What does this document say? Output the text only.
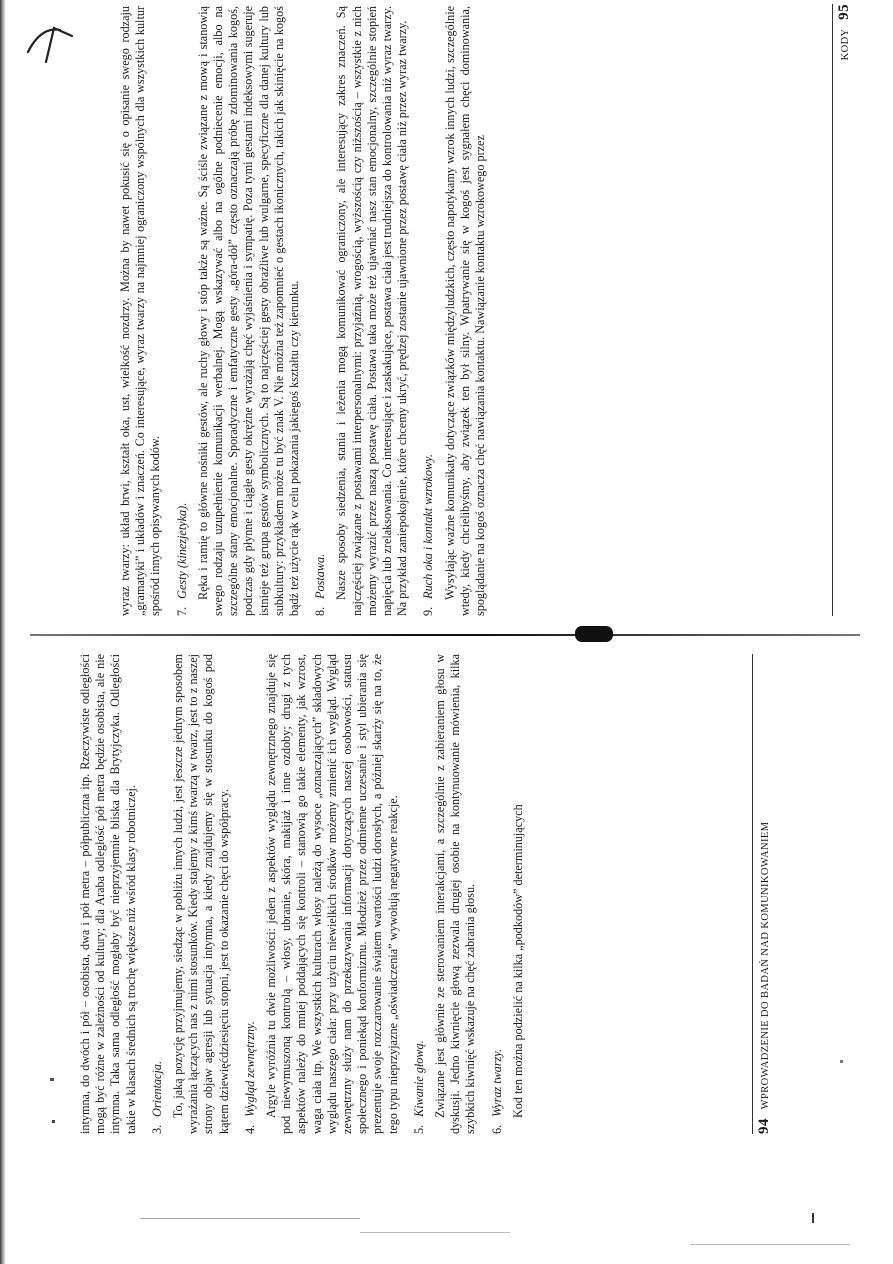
intymna, do dwóch i pół – osobista, dwa i pół metra – półpubliczna itp. Rzeczywiste odległości mogą być różne w zależności od kultury; dla Araba odległość pół metra będzie osobista, ale nie intymna. Taka sama odległość mogłaby być nieprzyjemnie bliska dla Brytyjczyka. Odległości takie w klasach średnich są trochę większe niż wśród klasy robotniczej. 3.Orientacja. To, jaką pozycję przyjmujemy, siedząc w pobliżu innych ludzi, jest jeszcze jednym sposobem wyrażania łączących nas z nimi stosunków. Kiedy stajemy z kimś twarzą w twarz, jest to z naszej strony objaw agresji lub sytuacja intymna, a kiedy znajdujemy się w stosunku do kogoś pod kątem dziewięćdziesięciu stopni, jest to okazanie chęci do współpracy. 4.Wygląd zewnętrzny. Argyle wyróżnia tu dwie możliwości: jeden z aspektów wyglądu zewnętrznego znajduje się pod niewymuszoną kontrolą – włosy, ubranie, skóra, makijaż i inne ozdoby; drugi z tych aspektów należy do mniej poddających się kontroli – stanowią go takie elementy, jak wzrost, waga ciała itp. We wszystkich kulturach włosy należą do wysoce „oznaczających” składowych wyglądu naszego ciała: przy użyciu niewielkich środków możemy zmienić ich wygląd. Wygląd zewnętrzny służy nam do przekazywania informacji dotyczących naszej osobowości, statusu społecznego i poniekąd konformizmu. Młodzież przez odmienne uczesanie i styl ubierania się prezentuje swoje rozczarowanie światem wartości ludzi dorosłych, a później skarży się na to, że tego typu nieprzyjazne „oświadczenia” wywołują negatywne reakcje. 5.Kiwanie głową. Związane jest głównie ze sterowaniem interakcjami, a szczególnie z zabieraniem głosu w dyskusji. Jedno kiwnięcie głową zezwala drugiej osobie na kontynuowanie mówienia, kilka szybkich kiwnięć wskazuje na chęć zabrania głosu. 6.Wyraz twarzy. Kod ten można podzielić na kilka „podkodów” determinujących

94 WPROWADZENIE DO BADAŃ NAD KOMUNIKOWANIEM

wyraz twarzy: układ brwi, kształt oka, ust, wielkość nozdrzy. Można by nawet pokusić się o opisanie swego rodzaju „gramatyki” i układów i znaczeń. Co interesujące, wyraz twarzy na najmniej ograniczony wspólnych dla wszystkich kultur spośród innych opisywanych kodów. 7.Gesty (kinezjetyka). Ręka i ramię to główne nośniki gestów, ale ruchy głowy i stóp także są ważne. Są ściśle związane z mową i stanowią swego rodzaju uzupełnienie komunikacji werbalnej. Mogą wskazywać albo na ogólne podniecenie emocji, albo na szczególne stany emocjonalne. Sporadyczne i emfatyczne gesty „góra-dół” często oznaczają próbę zdominowania kogoś, podczas gdy płynne i ciągłe gesty okrężne wyrażają chęć wyjaśnienia i sympatię. Poza tymi gestami indeksowymi sugeruje istnieje też grupa gestów symbolicznych. Są to najczęściej gesty obraźliwe lub wulgarne, specyficzne dla danej kultury lub subkultury: przykładem może tu być znak V. Nie można też zapomnieć o gestach ikonicznych, takich jak skinięcie na kogoś bądź też użycie rąk w celu pokazania jakiegoś kształtu czy kierunku. 8.Postawa. Nasze sposoby siedzenia, stania i leżenia mogą komunikować ograniczony, ale interesujący zakres znaczeń. Są najczęściej związane z postawami interpersonalnymi: przyjaźnią, wrogością, wyższością czy niższością – wszystkie z nich możemy wyrazić przez naszą postawę ciała. Postawa taka może też ujawniać nasz stan emocjonalny, szczególnie stopień napięcia lub zrelaksowania. Co interesujące i zaskakujące, postawa ciała jest trudniejsza do kontrolowania niż wyraz twarzy. Na przykład zaniepokojenie, które chcemy ukryć, prędzej zostanie ujawnione przez postawę ciała niż przez wyraz twarzy. 9.Ruch oka i kontakt wzrokowy. Wysyłając ważne komunikaty dotyczące związków międzyludzkich, często napotykamy wzrok innych ludzi, szczególnie wtedy, kiedy chcielibyśmy, aby związek ten był silny. Wpatrywanie się w kogoś jest sygnałem chęci dominowania, spoglądanie na kogoś oznacza chęć nawiązania kontaktu. Nawiązanie kontaktu wzrokowego przez

KODY 95
